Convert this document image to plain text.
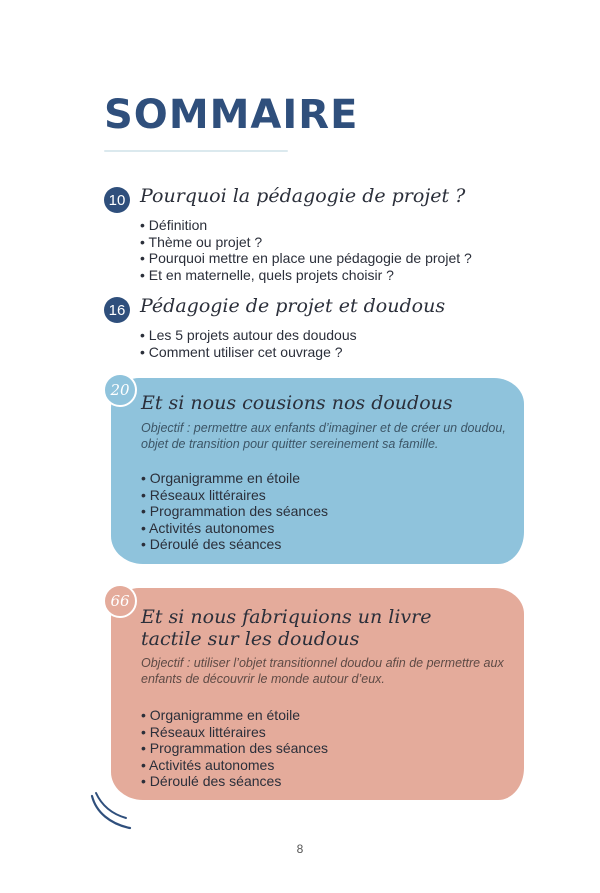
SOMMAIRE
10 Pourquoi la pédagogie de projet ?
• Définition
• Thème ou projet ?
• Pourquoi mettre en place une pédagogie de projet ?
• Et en maternelle, quels projets choisir ?
16 Pédagogie de projet et doudous
• Les 5 projets autour des doudous
• Comment utiliser cet ouvrage ?

Et si nous cousions nos doudous

Objectif : permettre aux enfants d’imaginer et de créer un doudou, objet de transition pour quitter sereinement sa famille.

• Organigramme en étoile
• Réseaux littéraires
• Programmation des séances
• Activités autonomes
• Déroulé des séances
20

Et si nous fabriquions un livre

tactile sur les doudous

Objectif : utiliser l’objet transitionnel doudou afin de permettre aux enfants de découvrir le monde autour d’eux.

• Organigramme en étoile
• Réseaux littéraires
• Programmation des séances
• Activités autonomes
• Déroulé des séances
66
8
